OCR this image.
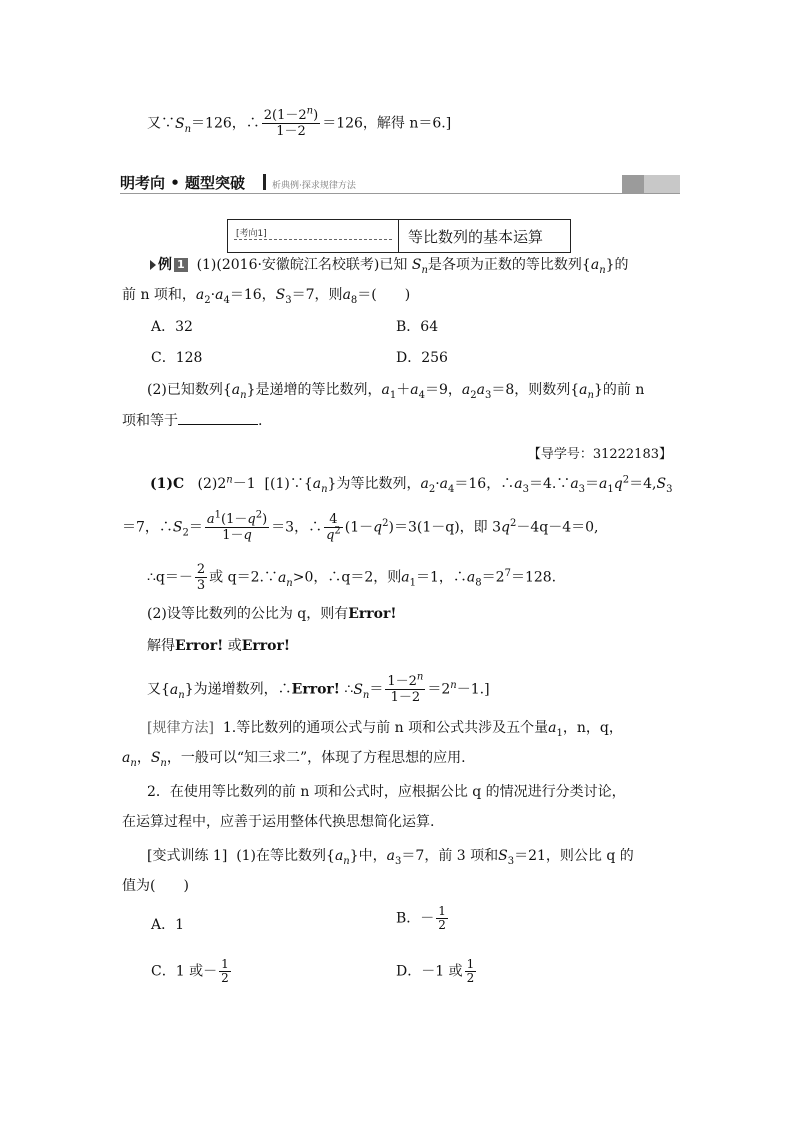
又$\because S_n=126$，∴ $\frac{2(1-2^n)}{1-2} =126$，解得 n＝6.]
明考向 • 题型突破	析典例·探求规律方法
[考向1]	等比数列的基本运算
例 1 (1)(2016·安徽皖江名校联考)已知 $S_n$是各项为正数的等比数列$\{a_n\}$的
前 n 项和，$a_2\cdot a_4=16$，$S_3=7$，则$a_8=$(　　)
A．32	B．64
C．128	D．256
(2)已知数列$\{a_n\}$是递增的等比数列，$a_1+a_4=9$，$a_2a_3=8$，则数列$\{a_n\}$的前 n
项和等于	.
【导学号：31222183】
(1)C $(2)2^n-1$ [$(1)\because\{a_n\}$为等比数列，$a_2\cdot a_4=16$，$\therefore a_3=4.\because a_3=a_1q^2=4,S_3$
＝7，$\therefore S_2= \frac{a^1(1-q^2)}{1-q} =3$，∴ $\frac{4}{q^2} (1-q^2)=3(1-q)$，即 $3q^2-4q-4=0$,
∴q＝－ $\frac{2}{3}$ 或 $q=2.\because a_n>0$，∴q＝2，则$a_1=1$，$\therefore a_8=2^7=128$.
(2)设等比数列的公比为 q，则有Error!
解得Error! 或Error!
又$\{a_n\}$为递增数列，∴Error! $\therefore S_n= \frac{1-2^n}{1-2} =2^n-1$.]
[规律方法] 1.等比数列的通项公式与前 n 项和公式共涉及五个量$a_1$，n，q，
$a_n$，$S_n$，一般可以“知三求二”，体现了方程思想的应用.
2．在使用等比数列的前 n 项和公式时，应根据公比 q 的情况进行分类讨论，
在运算过程中，应善于运用整体代换思想简化运算.
[变式训练 1] (1)在等比数列$\{a_n\}$中，$a_3=7$，前 3 项和$S_3=21$，则公比 q 的
值为(　　)
A．1	B．－ $\frac{1}{2}$
C．1 或－ $\frac{1}{2}$	D．－1 或 $\frac{1}{2}$
